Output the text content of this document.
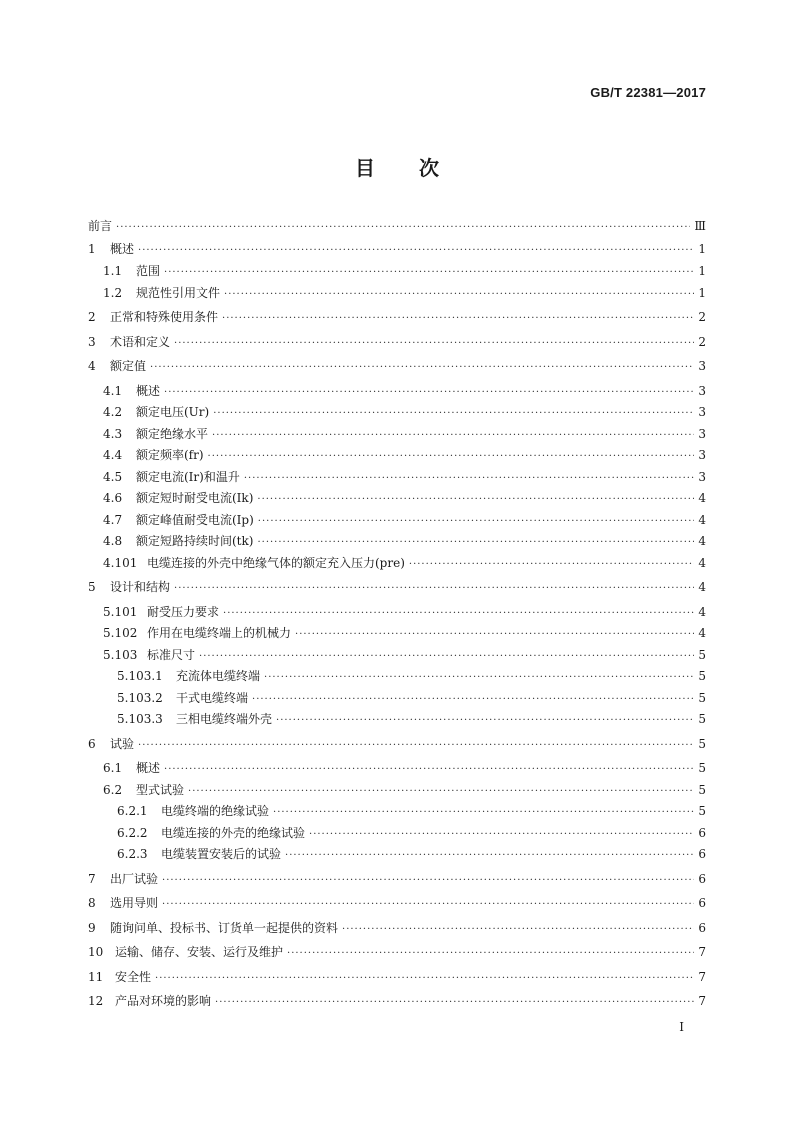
GB/T 22381—2017
目 次
前言 ·····	Ⅲ
1	概述 ·····	1
1.1	范围 ·····	1
1.2	规范性引用文件 ·····	1
2	正常和特殊使用条件 ·····	2
3	术语和定义 ·····	2
4	额定值 ·····	3
4.1	概述 ·····	3
4.2	额定电压(Ur) ·····	3
4.3	额定绝缘水平 ·····	3
4.4	额定频率(fr) ·····	3
4.5	额定电流(Ir)和温升 ·····	3
4.6	额定短时耐受电流(Ik) ·····	4
4.7	额定峰值耐受电流(Ip) ·····	4
4.8	额定短路持续时间(tk) ·····	4
4.101 电缆连接的外壳中绝缘气体的额定充入压力(pre) ·····	4
5	设计和结构 ·····	4
5.101 耐受压力要求 ·····	4
5.102 作用在电缆终端上的机械力 ·····	4
5.103 标准尺寸 ·····	5
5.103.1	充流体电缆终端 ·····	5
5.103.2	干式电缆终端 ·····	5
5.103.3	三相电缆终端外壳 ·····	5
6	试验 ·····	5
6.1	概述 ·····	5
6.2	型式试验 ·····	5
6.2.1	电缆终端的绝缘试验 ·····	5
6.2.2	电缆连接的外壳的绝缘试验 ·····	6
6.2.3	电缆装置安装后的试验 ·····	6
7	出厂试验 ·····	6
8	选用导则 ·····	6
9	随询问单、投标书、订货单一起提供的资料 ·····	6
10 运输、储存、安装、运行及维护 ·····	7
11 安全性 ·····	7
12 产品对环境的影响 ·····	7
I
